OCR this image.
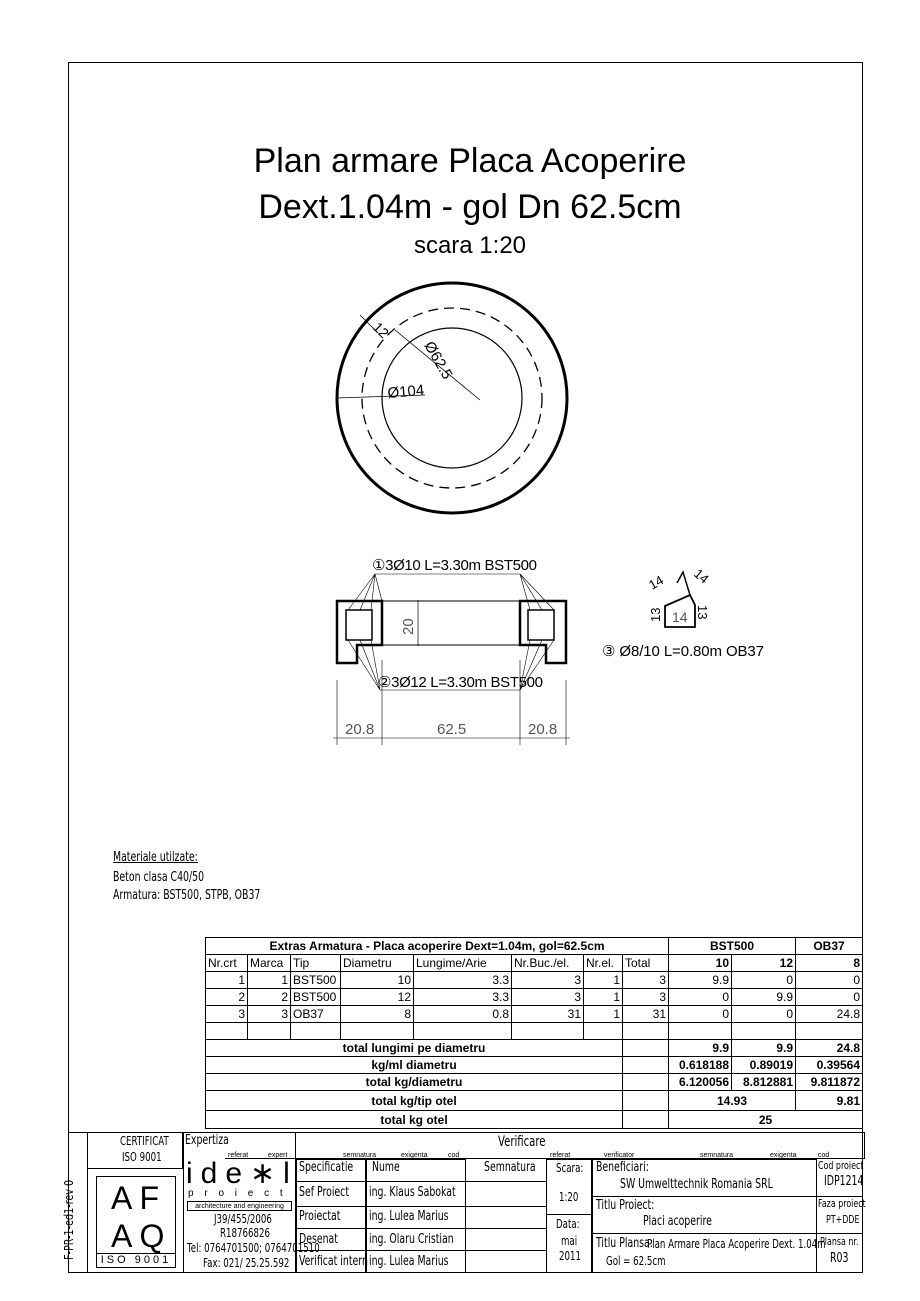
Plan armare Placa Acoperire
Dext.1.04m - gol Dn 62.5cm
scara 1:20
12
Ø62.5
Ø104
①3Ø10 L=3.30m BST500
②3Ø12 L=3.30m BST500
20
20.8	62.5	20.8
14 14
13 13
14
③ Ø8/10 L=0.80m OB37
Materiale utilzate:
Beton clasa C40/50
Armatura: BST500, STPB, OB37
Extras Armatura - Placa acoperire Dext=1.04m, gol=62.5cm								BST500		OB37
Nr.crt	Marca	Tip	Diametru	Lungime/Arie	Nr.Buc./el.	Nr.el.	Total	10	12	8
1	1	BST500	10	3.3	3	1	3	9.9	0	0
2	2	BST500	12	3.3	3	1	3	0	9.9	0
3	3	OB37	8	0.8	31	1	31	0	0	24.8

total lungimi pe diametru								9.9	9.9	24.8
kg/ml diametru								0.618188	0.89019	0.39564
total kg/diametru								6.120056	8.812881	9.811872
total kg/tip otel								14.93		9.81
total kg otel								25		
F-PR-1-ed1-rev 0
CERTIFICAT
ISO 9001
A F
A Q
ISO 9001
Expertiza
ide∗l
p r o i e c t
architecture and engineering
J39/455/2006
R18766826
Tel: 0764701500; 0764701510
Fax: 021/ 25.25.592
referat	expert	semnatura	exigenta	cod
Verificare
referat	verificator	semnatura	exigenta	cod
Specificatie Nume	Semnatura
Sef Proiect ing. Klaus Sabokat
Proiectat ing. Lulea Marius
Desenat ing. Olaru Cristian
Verificat intern ing. Lulea Marius
Scara:
1:20
Data:
mai
2011
Beneficiari:
SW Umwelttechnik Romania SRL
Titlu Proiect:
Placi acoperire
Titlu Plansa:
Plan Armare Placa Acoperire Dext. 1.04m
Gol = 62.5cm
Cod proiect
IDP1214
Faza proiect
PT+DDE
Plansa nr.
R03
